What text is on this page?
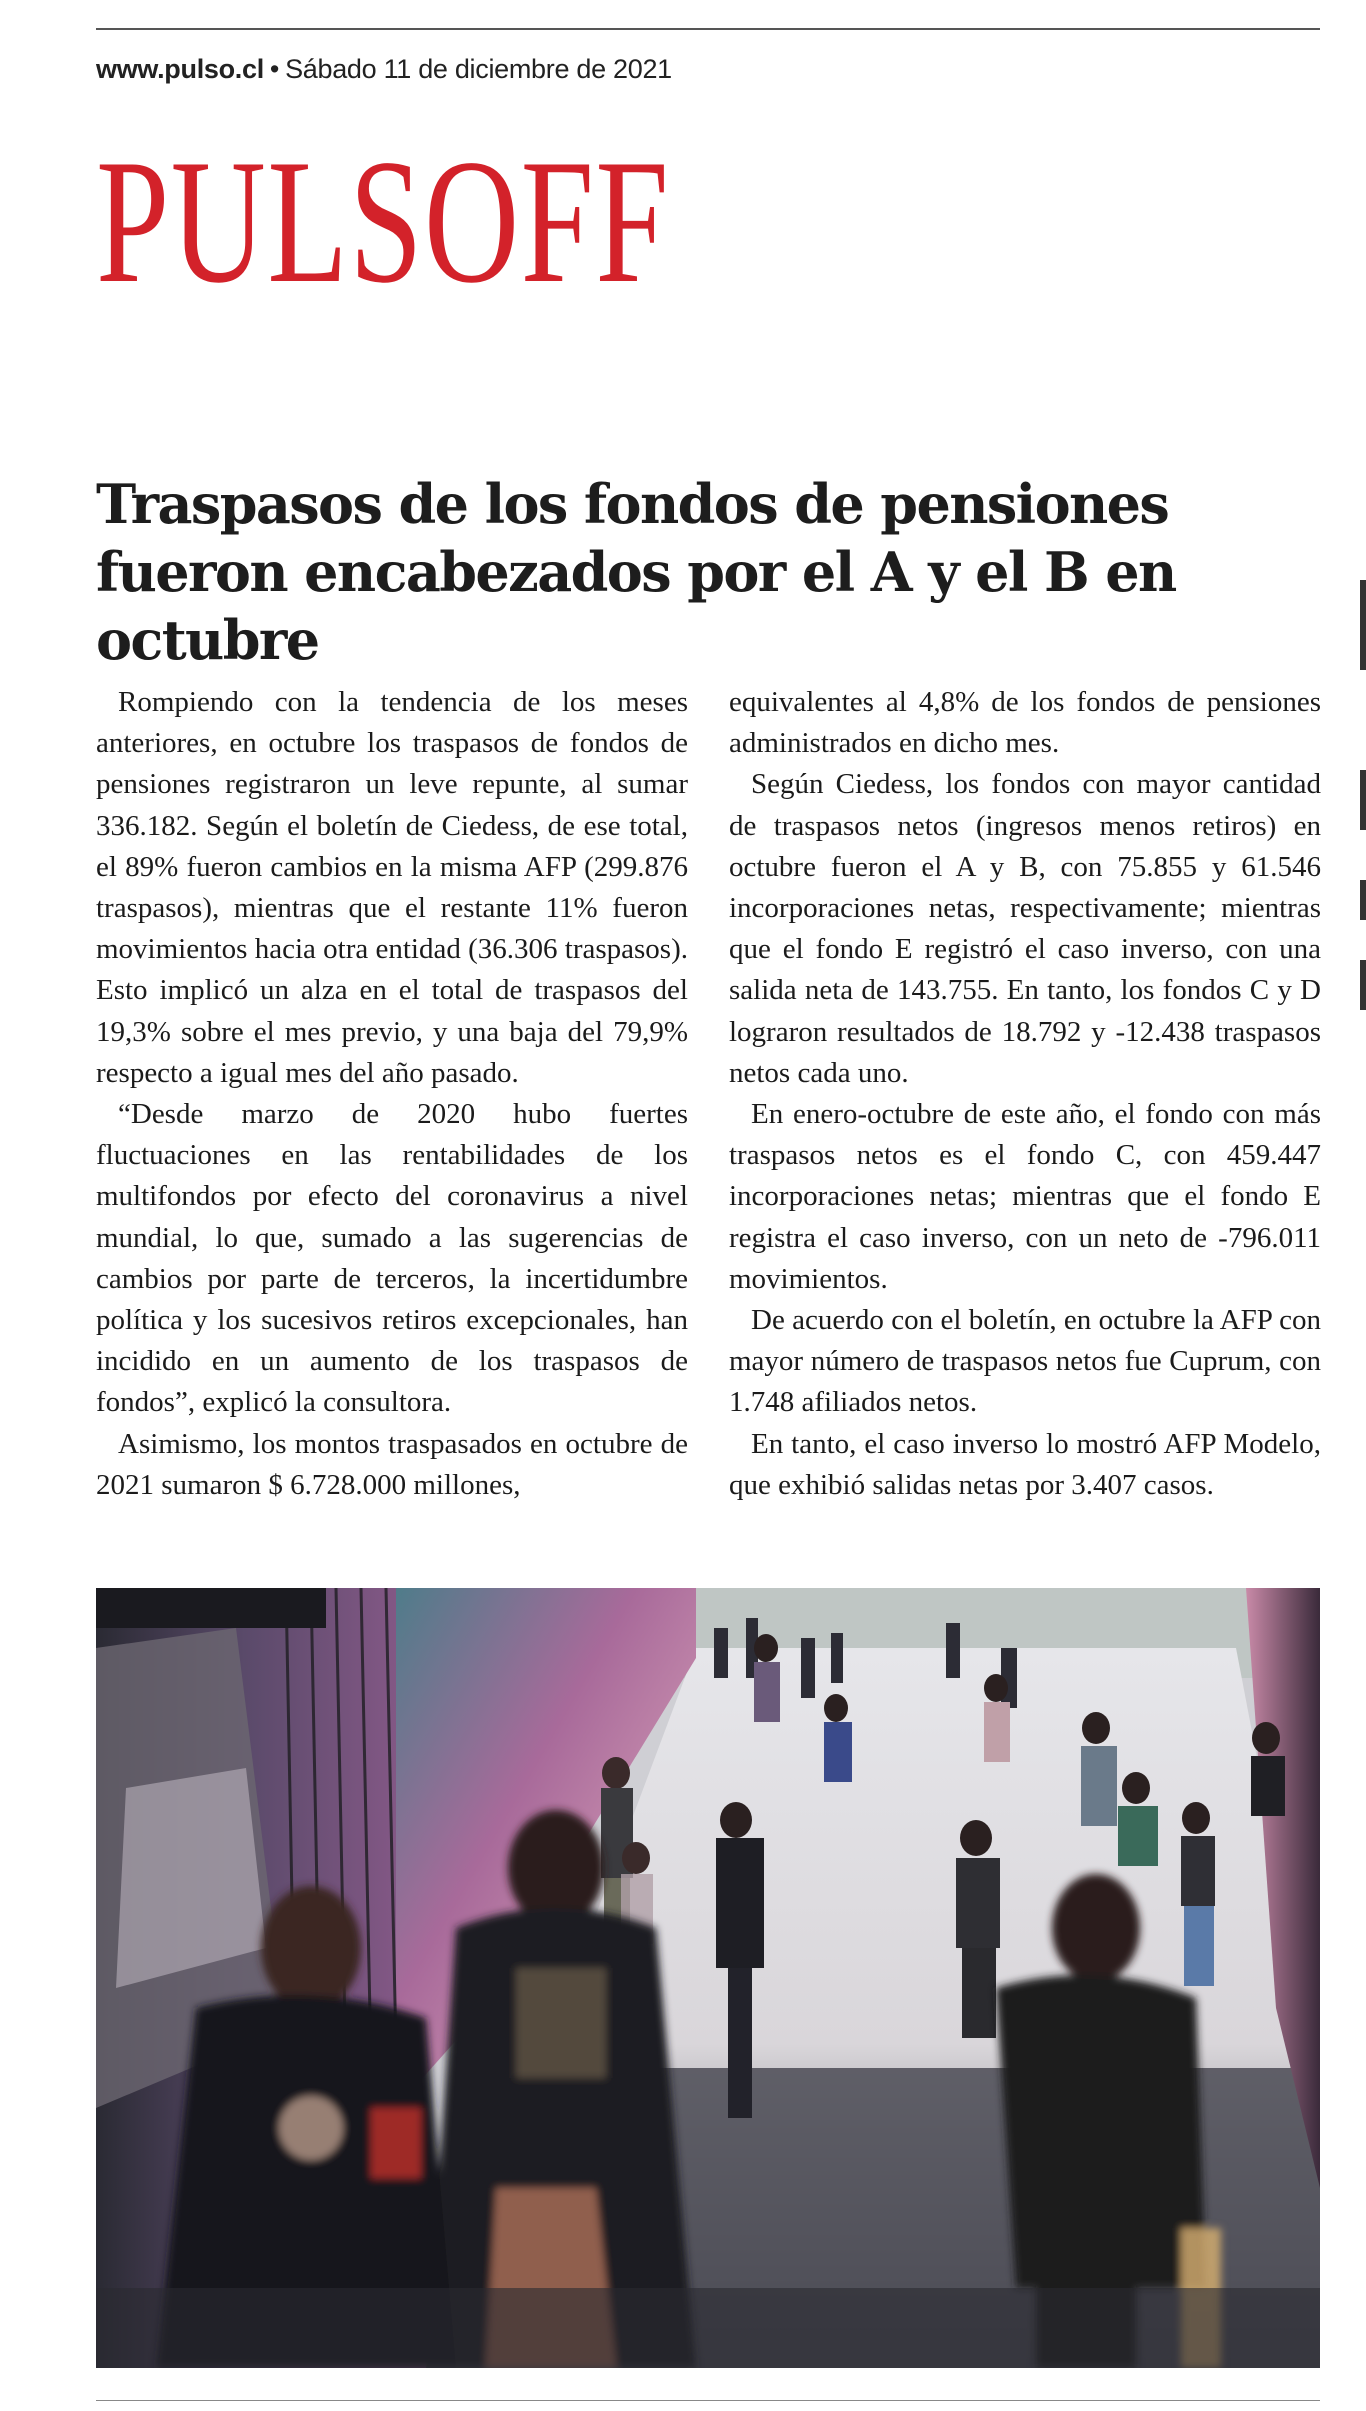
www.pulso.cl • Sábado 11 de diciembre de 2021
PULSOFF
Traspasos de los fondos de pensiones fueron encabezados por el A y el B en octubre

Rompiendo con la tendencia de los meses anteriores, en octubre los traspasos de fondos de pensiones registraron un leve repunte, al sumar 336.182. Según el boletín de Ciedess, de ese total, el 89% fueron cambios en la misma AFP (299.876 traspasos), mientras que el restante 11% fueron movimientos hacia otra entidad (36.306 traspasos). Esto implicó un alza en el total de traspasos del 19,3% sobre el mes previo, y una baja del 79,9% respecto a igual mes del año pasado.

“Desde marzo de 2020 hubo fuertes fluctuaciones en las rentabilidades de los multifondos por efecto del coronavirus a nivel mundial, lo que, sumado a las sugerencias de cambios por parte de terceros, la incertidumbre política y los sucesivos retiros excepcionales, han incidido en un aumento de los traspasos de fondos”, explicó la consultora.

Asimismo, los montos traspasados en octubre de 2021 sumaron $ 6.728.000 millones,

equivalentes al 4,8% de los fondos de pensiones administrados en dicho mes.

Según Ciedess, los fondos con mayor cantidad de traspasos netos (ingresos menos retiros) en octubre fueron el A y B, con 75.855 y 61.546 incorporaciones netas, respectivamente; mientras que el fondo E registró el caso inverso, con una salida neta de 143.755. En tanto, los fondos C y D lograron resultados de 18.792 y -12.438 traspasos netos cada uno.

En enero-octubre de este año, el fondo con más traspasos netos es el fondo C, con 459.447 incorporaciones netas; mientras que el fondo E registra el caso inverso, con un neto de -796.011 movimientos.

De acuerdo con el boletín, en octubre la AFP con mayor número de traspasos netos fue Cuprum, con 1.748 afiliados netos.

En tanto, el caso inverso lo mostró AFP Modelo, que exhibió salidas netas por 3.407 casos.
